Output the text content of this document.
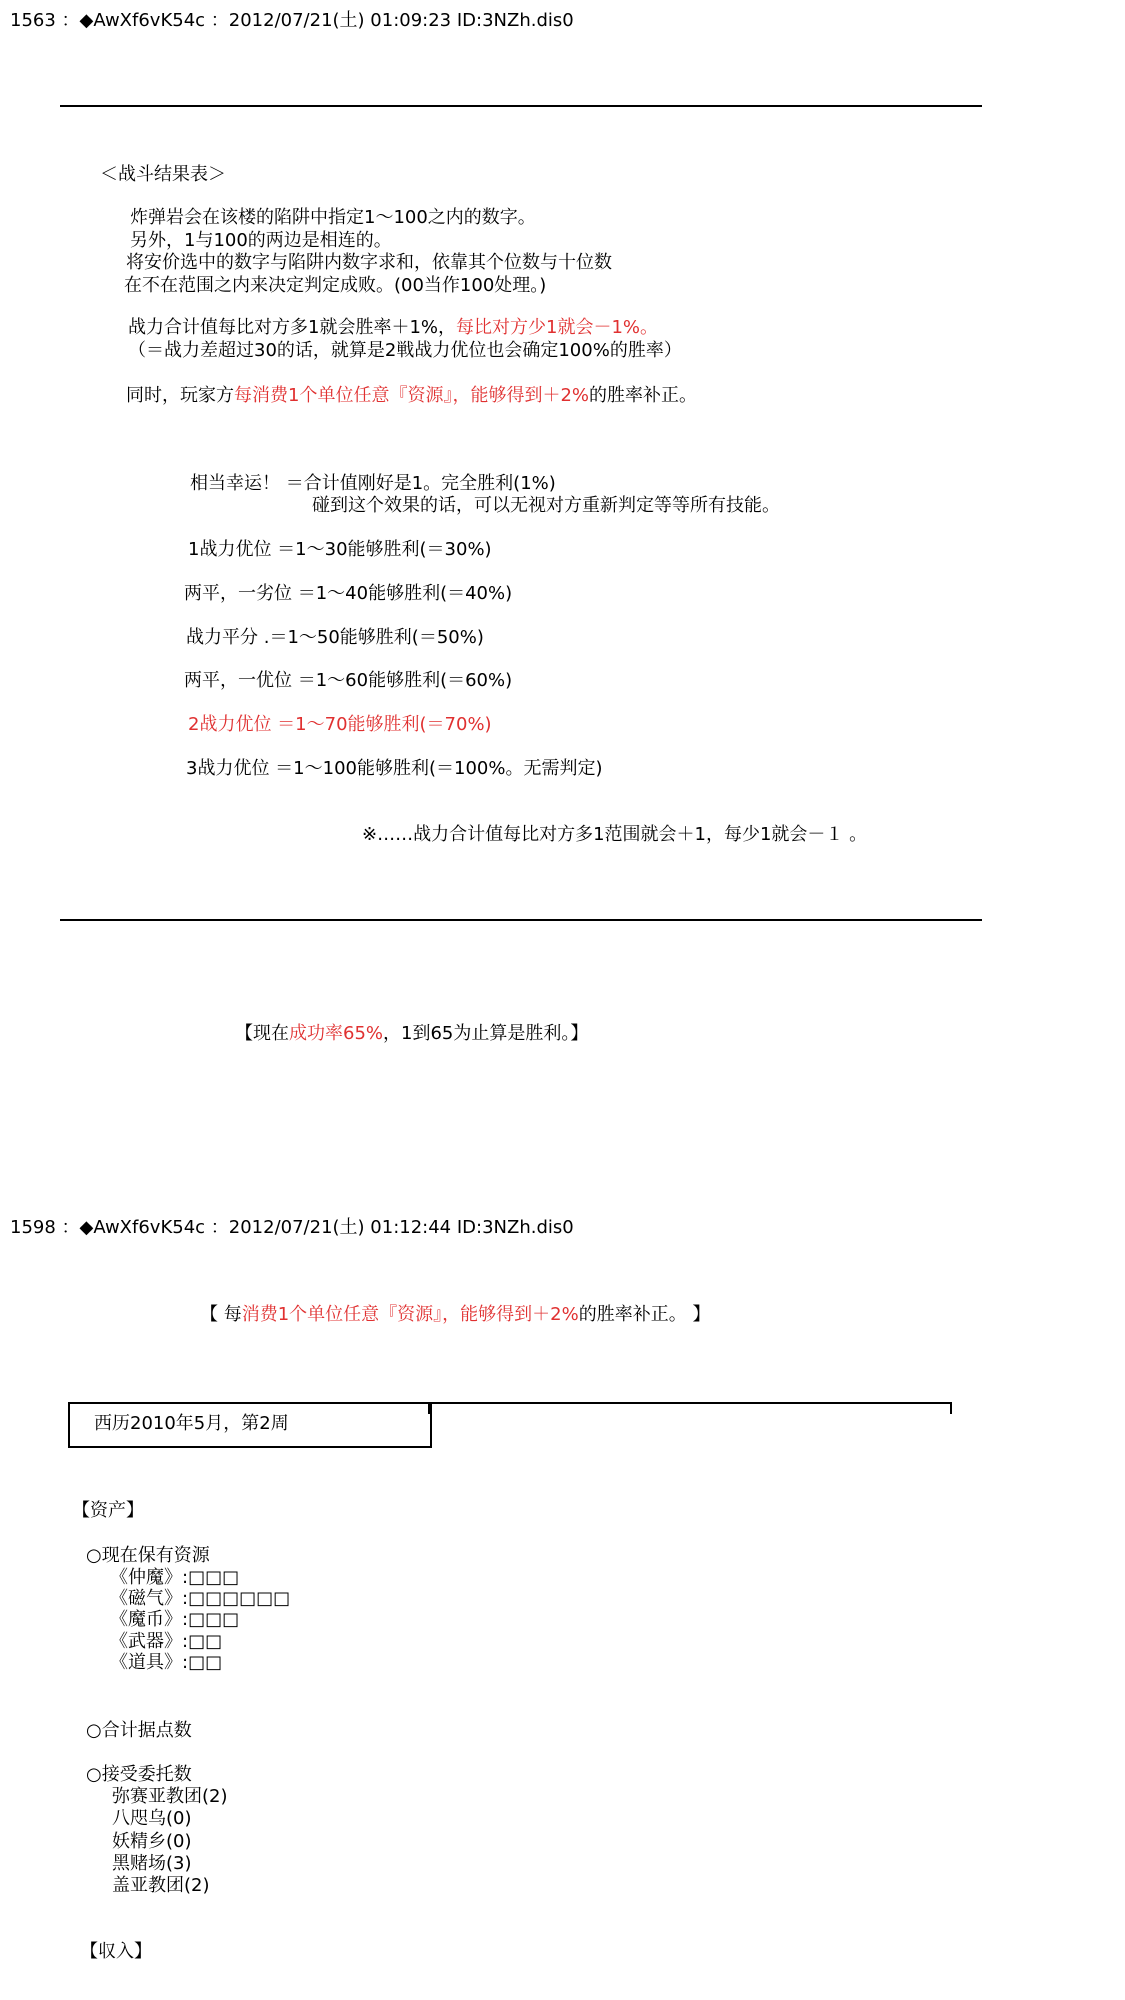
1563 ：◆AwXf6vK54c ：2012/07/21(土) 01:09:23 ID:3NZh.dis0
＜战斗结果表＞
炸弹岩会在该楼的陷阱中指定1～100之内的数字。
另外，1与100的两边是相连的。
将安价选中的数字与陷阱内数字求和，依靠其个位数与十位数
在不在范围之内来决定判定成败。(00当作100处理。)
战力合计值每比对方多1就会胜率＋1%，每比对方少1就会－1%。
（＝战力差超过30的话，就算是2戦战力优位也会确定100%的胜率）
同时，玩家方每消费1个单位任意『资源』，能够得到＋2%的胜率补正。
相当幸运！ ＝合计值刚好是1。完全胜利(1%)
碰到这个效果的话，可以无视对方重新判定等等所有技能。
1战力优位 ＝1～30能够胜利(＝30%)
两平，一劣位 ＝1～40能够胜利(＝40%)
战力平分 .＝1～50能够胜利(＝50%)
两平，一优位 ＝1～60能够胜利(＝60%)
2战力优位 ＝1～70能够胜利(＝70%)
3战力优位 ＝1～100能够胜利(＝100%。无需判定)
※……战力合计值每比对方多1范围就会＋1，每少1就会－１ 。
【现在成功率65%，1到65为止算是胜利。】
1598 ：◆AwXf6vK54c ：2012/07/21(土) 01:12:44 ID:3NZh.dis0
【 每消费1个单位任意『资源』，能够得到＋2%的胜率补正。 】
西历2010年5月，第2周
【资产】
○现在保有资源
《仲魔》:□□□
《磁气》:□□□□□□
《魔币》:□□□
《武器》:□□
《道具》:□□
○合计据点数
○接受委托数
弥赛亚教团(2)
八咫乌(0)
妖精乡(0)
黑赌场(3)
盖亚教团(2)
【収入】
